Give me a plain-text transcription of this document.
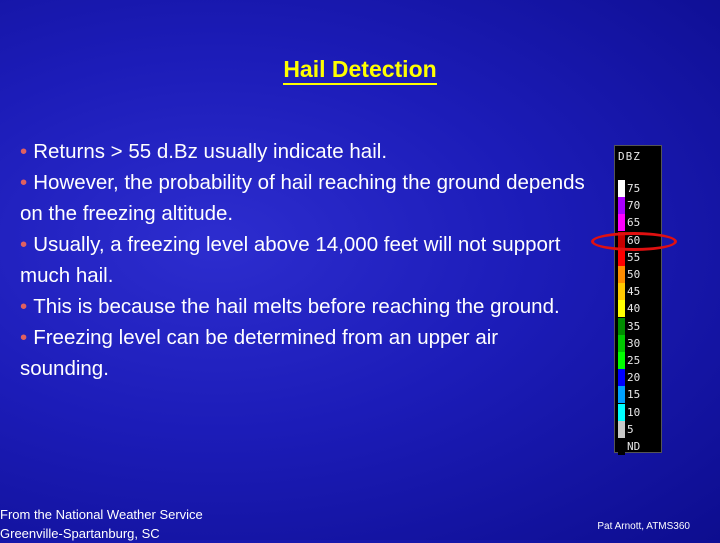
Hail Detection

• Returns > 55 d.Bz usually indicate hail.

• However, the probability of hail reaching the ground depends on the freezing altitude.

• Usually, a freezing level above 14,000 feet will not support much hail.

• This is because the hail melts before reaching the ground.

• Freezing level can be determined from an upper air sounding.

DBZ
75
70
65
60
55
50
45
40
35
30
25
20
15
10
5
ND
From the National Weather Service
Greenville-Spartanburg, SC	Pat Arnott, ATMS360
